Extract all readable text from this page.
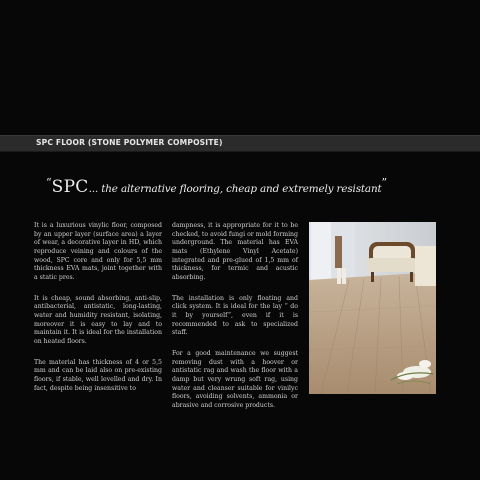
SPC FLOOR (STONE POLYMER COMPOSITE)
“SPC... the alternative flooring, cheap and extremely resistant”

It is a luxurious vinylic floor, composed by an upper layer (surface area) a layer of wear, a decorative layer in HD, which reproduce veining and colours of the wood, SPC core and only for 5,5 mm thickness EVA mats, joint together with a static pres.

It is cheap, sound absorbing, anti-slip, antibacterial, antistatic, long-lasting, water and humidity resistant, isolating, moreover it is easy to lay and to maintain it. It is ideal for the installation on heated floors.

The material has thickness of 4 or 5,5 mm and can be laid also on pre-existing floors, if stable, well levelled and dry. In fact, despite being insensitive to

dampness, it is appropriate for it to be checked, to avoid fungi or mold forming underground. The material has EVA mats (Ethylene Vinyl Acetate) integrated and pre-glued of 1,5 mm of thickness, for termic and acustic absorbing.

The installation is only floating and click system. It is ideal for the lay “ do it by yourself”, even if it is recommended to ask to specialized staff.

For a good maintenance we suggest removing dust with a hoover or antistatic rag and wash the floor with a damp but very wrung soft rag, using water and cleanser suitable for vinilyc floors, avoiding solvents, ammonia or abrasive and corrosive products.
